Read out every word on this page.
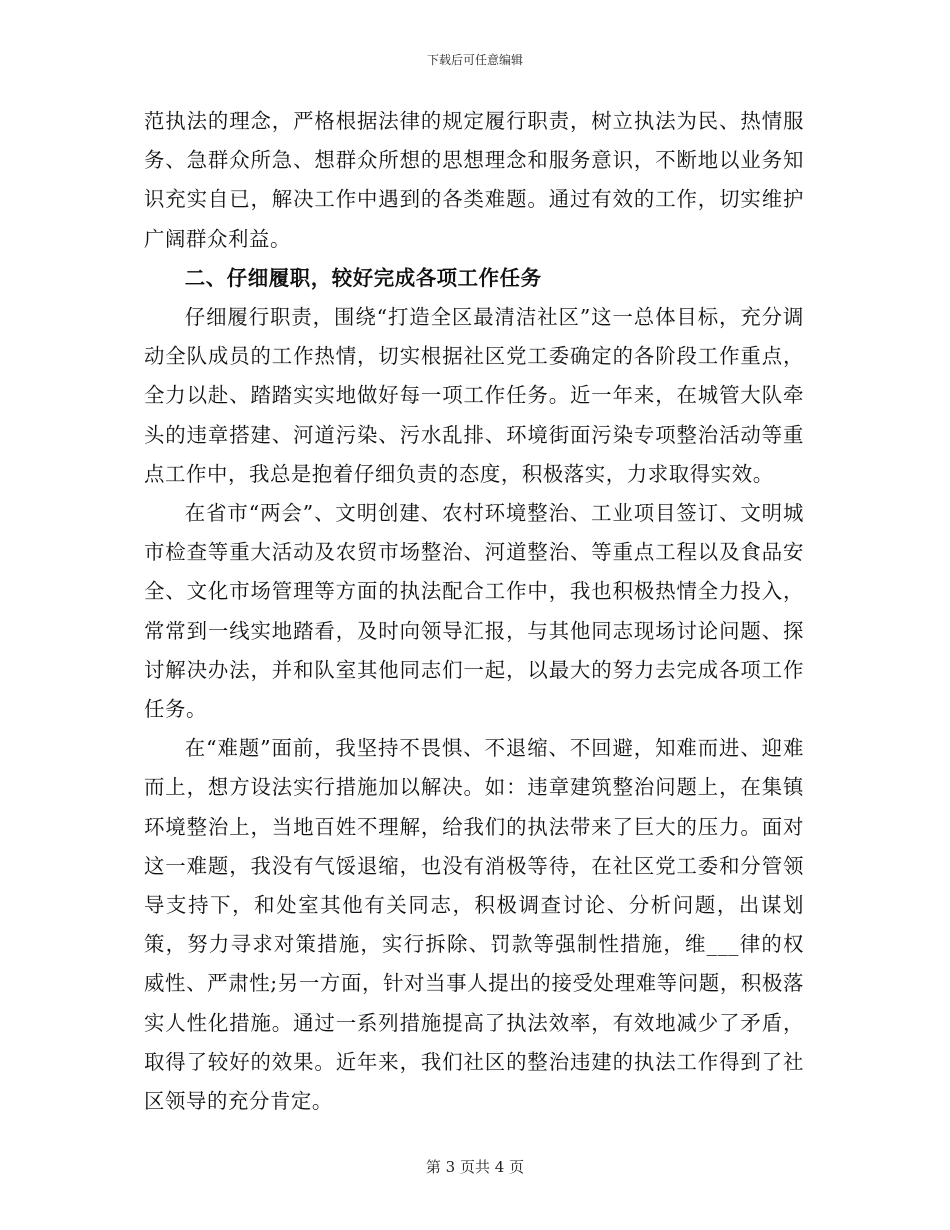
下载后可任意编辑

范执法的理念，严格根据法律的规定履行职责，树立执法为民、热情服务、急群众所急、想群众所想的思想理念和服务意识，不断地以业务知识充实自已，解决工作中遇到的各类难题。通过有效的工作，切实维护广阔群众利益。

二、仔细履职，较好完成各项工作任务

仔细履行职责，围绕“打造全区最清洁社区”这一总体目标，充分调动全队成员的工作热情，切实根据社区党工委确定的各阶段工作重点，全力以赴、踏踏实实地做好每一项工作任务。近一年来，在城管大队牵头的违章搭建、河道污染、污水乱排、环境街面污染专项整治活动等重点工作中，我总是抱着仔细负责的态度，积极落实，力求取得实效。

在省市“两会”、文明创建、农村环境整治、工业项目签订、文明城市检查等重大活动及农贸市场整治、河道整治、等重点工程以及食品安全、文化市场管理等方面的执法配合工作中，我也积极热情全力投入，常常到一线实地踏看，及时向领导汇报，与其他同志现场讨论问题、探讨解决办法，并和队室其他同志们一起，以最大的努力去完成各项工作任务。

在“难题”面前，我坚持不畏惧、不退缩、不回避，知难而进、迎难而上，想方设法实行措施加以解决。如：违章建筑整治问题上，在集镇环境整治上，当地百姓不理解，给我们的执法带来了巨大的压力。面对这一难题，我没有气馁退缩，也没有消极等待，在社区党工委和分管领导支持下，和处室其他有关同志，积极调查讨论、分析问题，出谋划策，努力寻求对策措施，实行拆除、罚款等强制性措施，维___律的权威性、严肃性;另一方面，针对当事人提出的接受处理难等问题，积极落实人性化措施。通过一系列措施提高了执法效率，有效地减少了矛盾，取得了较好的效果。近年来，我们社区的整治违建的执法工作得到了社区领导的充分肯定。

第 3 页共 4 页
